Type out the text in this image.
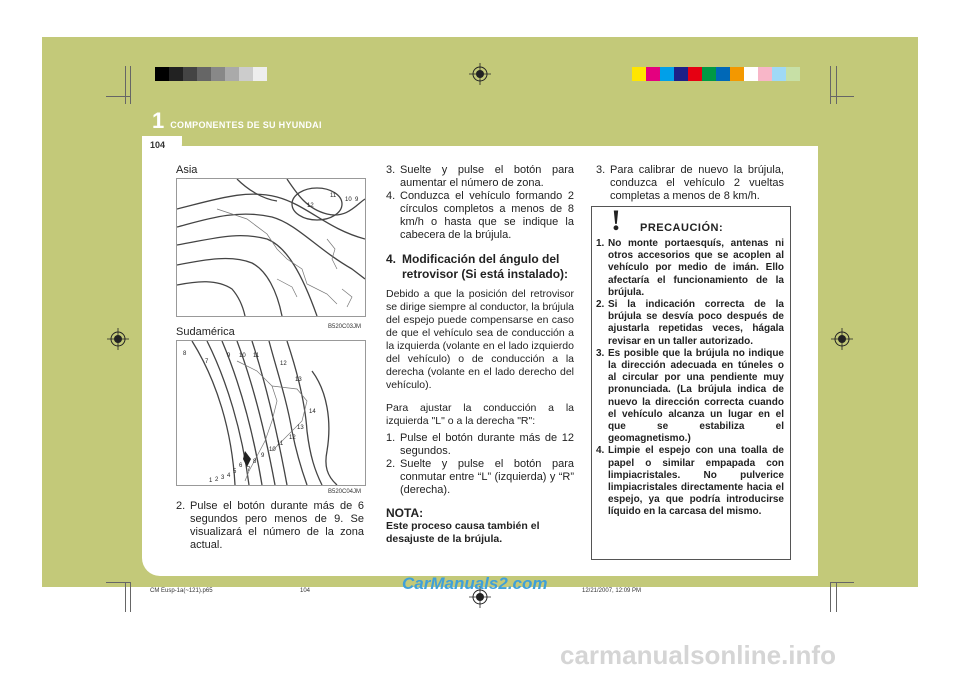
1 COMPONENTES DE SU HYUNDAI
104
Asia
12
11
10 9
B520C03JM
Sudamérica
8
7
9 10 11
12
13
14
13
12
11
10
9
8
7
6
5
4
3
2
1
B520C04JM
2. Pulse el botón durante más de 6 segundos pero menos de 9. Se visualizará el número de la zona actual.
3. Suelte y pulse el botón para aumentar el número de zona.
4. Conduzca el vehículo formando 2 círculos completos a menos de 8 km/h o hasta que se indique la cabecera de la brújula.
4. Modificación del ángulo del retrovisor (Si está instalado):

Debido a que la posición del retrovisor se dirige siempre al conductor, la brújula del espejo puede compensarse en caso de que el vehículo sea de conducción a la izquierda (volante en el lado izquierdo del vehículo) o de conducción a la derecha (volante en el lado derecho del vehículo).

Para ajustar la conducción a la izquierda "L" o a la derecha "R":

1. Pulse el botón durante más de 12 segundos.
2. Suelte y pulse el botón para conmutar entre “L” (izquierda) y “R” (derecha).
NOTA:
Este proceso causa también el desajuste de la brújula.
3. Para calibrar de nuevo la brújula, conduzca el vehículo 2 vueltas completas a menos de 8 km/h.
!	PRECAUCIÓN:
1. No monte portaesquís, antenas ni otros accesorios que se acoplen al vehículo por medio de imán. Ello afectaría el funcionamiento de la brújula.
2. Si la indicación correcta de la brújula se desvía poco después de ajustarla repetidas veces, hágala revisar en un taller autorizado.
3. Es posible que la brújula no indique la dirección adecuada en túneles o al circular por una pendiente muy pronunciada. (La brújula indica de nuevo la dirección correcta cuando el vehículo alcanza un lugar en el que se estabiliza el geomagnetismo.)
4. Limpie el espejo con una toalla de papel o similar empapada con limpiacristales. No pulverice limpiacristales directamente hacia el espejo, ya que podría introducirse líquido en la carcasa del mismo.
CM Eusp-1a(~121).p65	104	12/21/2007, 12:09 PM
CarManuals2.com
carmanualsonline.info
